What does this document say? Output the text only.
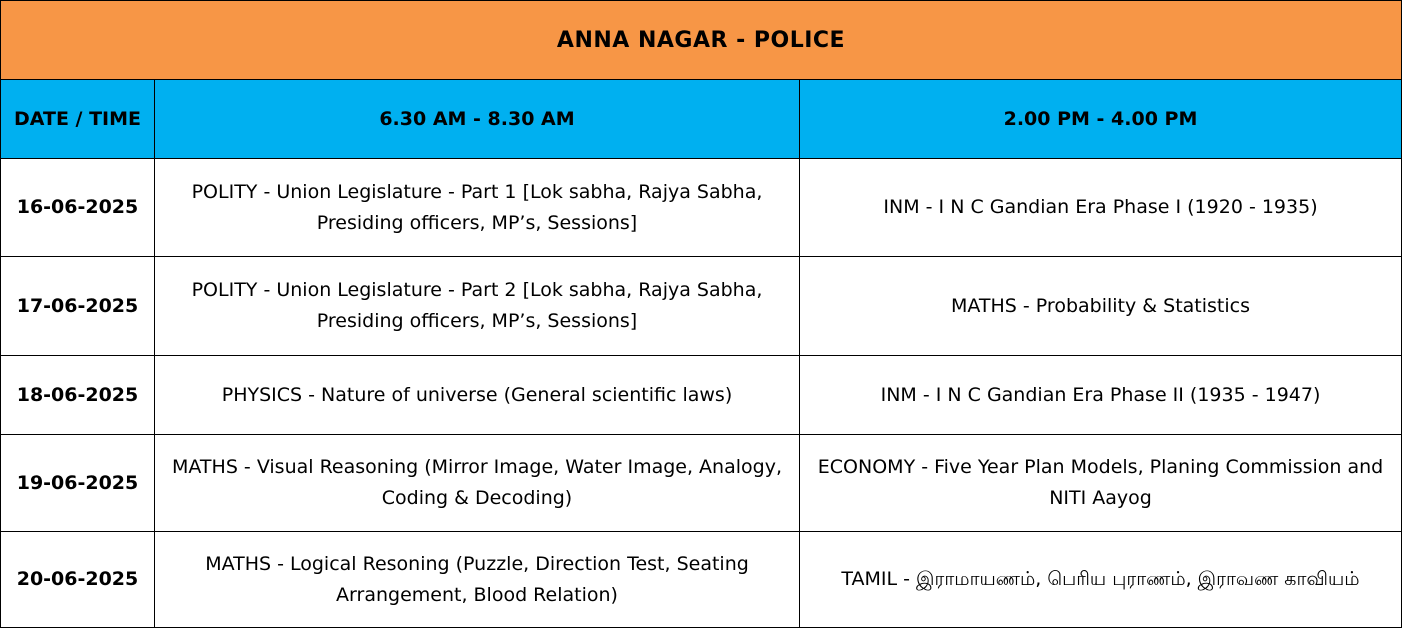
ANNA NAGAR - POLICE		
DATE / TIME	6.30 AM - 8.30 AM	2.00 PM - 4.00 PM
16-06-2025	POLITY - Union Legislature - Part 1 [Lok sabha, Rajya Sabha, Presiding officers, MP’s, Sessions]	INM - I N C Gandian Era Phase I (1920 - 1935)
17-06-2025	POLITY - Union Legislature - Part 2 [Lok sabha, Rajya Sabha, Presiding officers, MP’s, Sessions]	MATHS - Probability & Statistics
18-06-2025	PHYSICS - Nature of universe (General scientific laws)	INM - I N C Gandian Era Phase II (1935 - 1947)
19-06-2025	MATHS - Visual Reasoning (Mirror Image, Water Image, Analogy, Coding & Decoding)	ECONOMY - Five Year Plan Models, Planing Commission and NITI Aayog
20-06-2025	MATHS - Logical Resoning (Puzzle, Direction Test, Seating Arrangement, Blood Relation)	TAMIL - இராமாயணம், பெரிய புராணம், இராவண காவியம்
